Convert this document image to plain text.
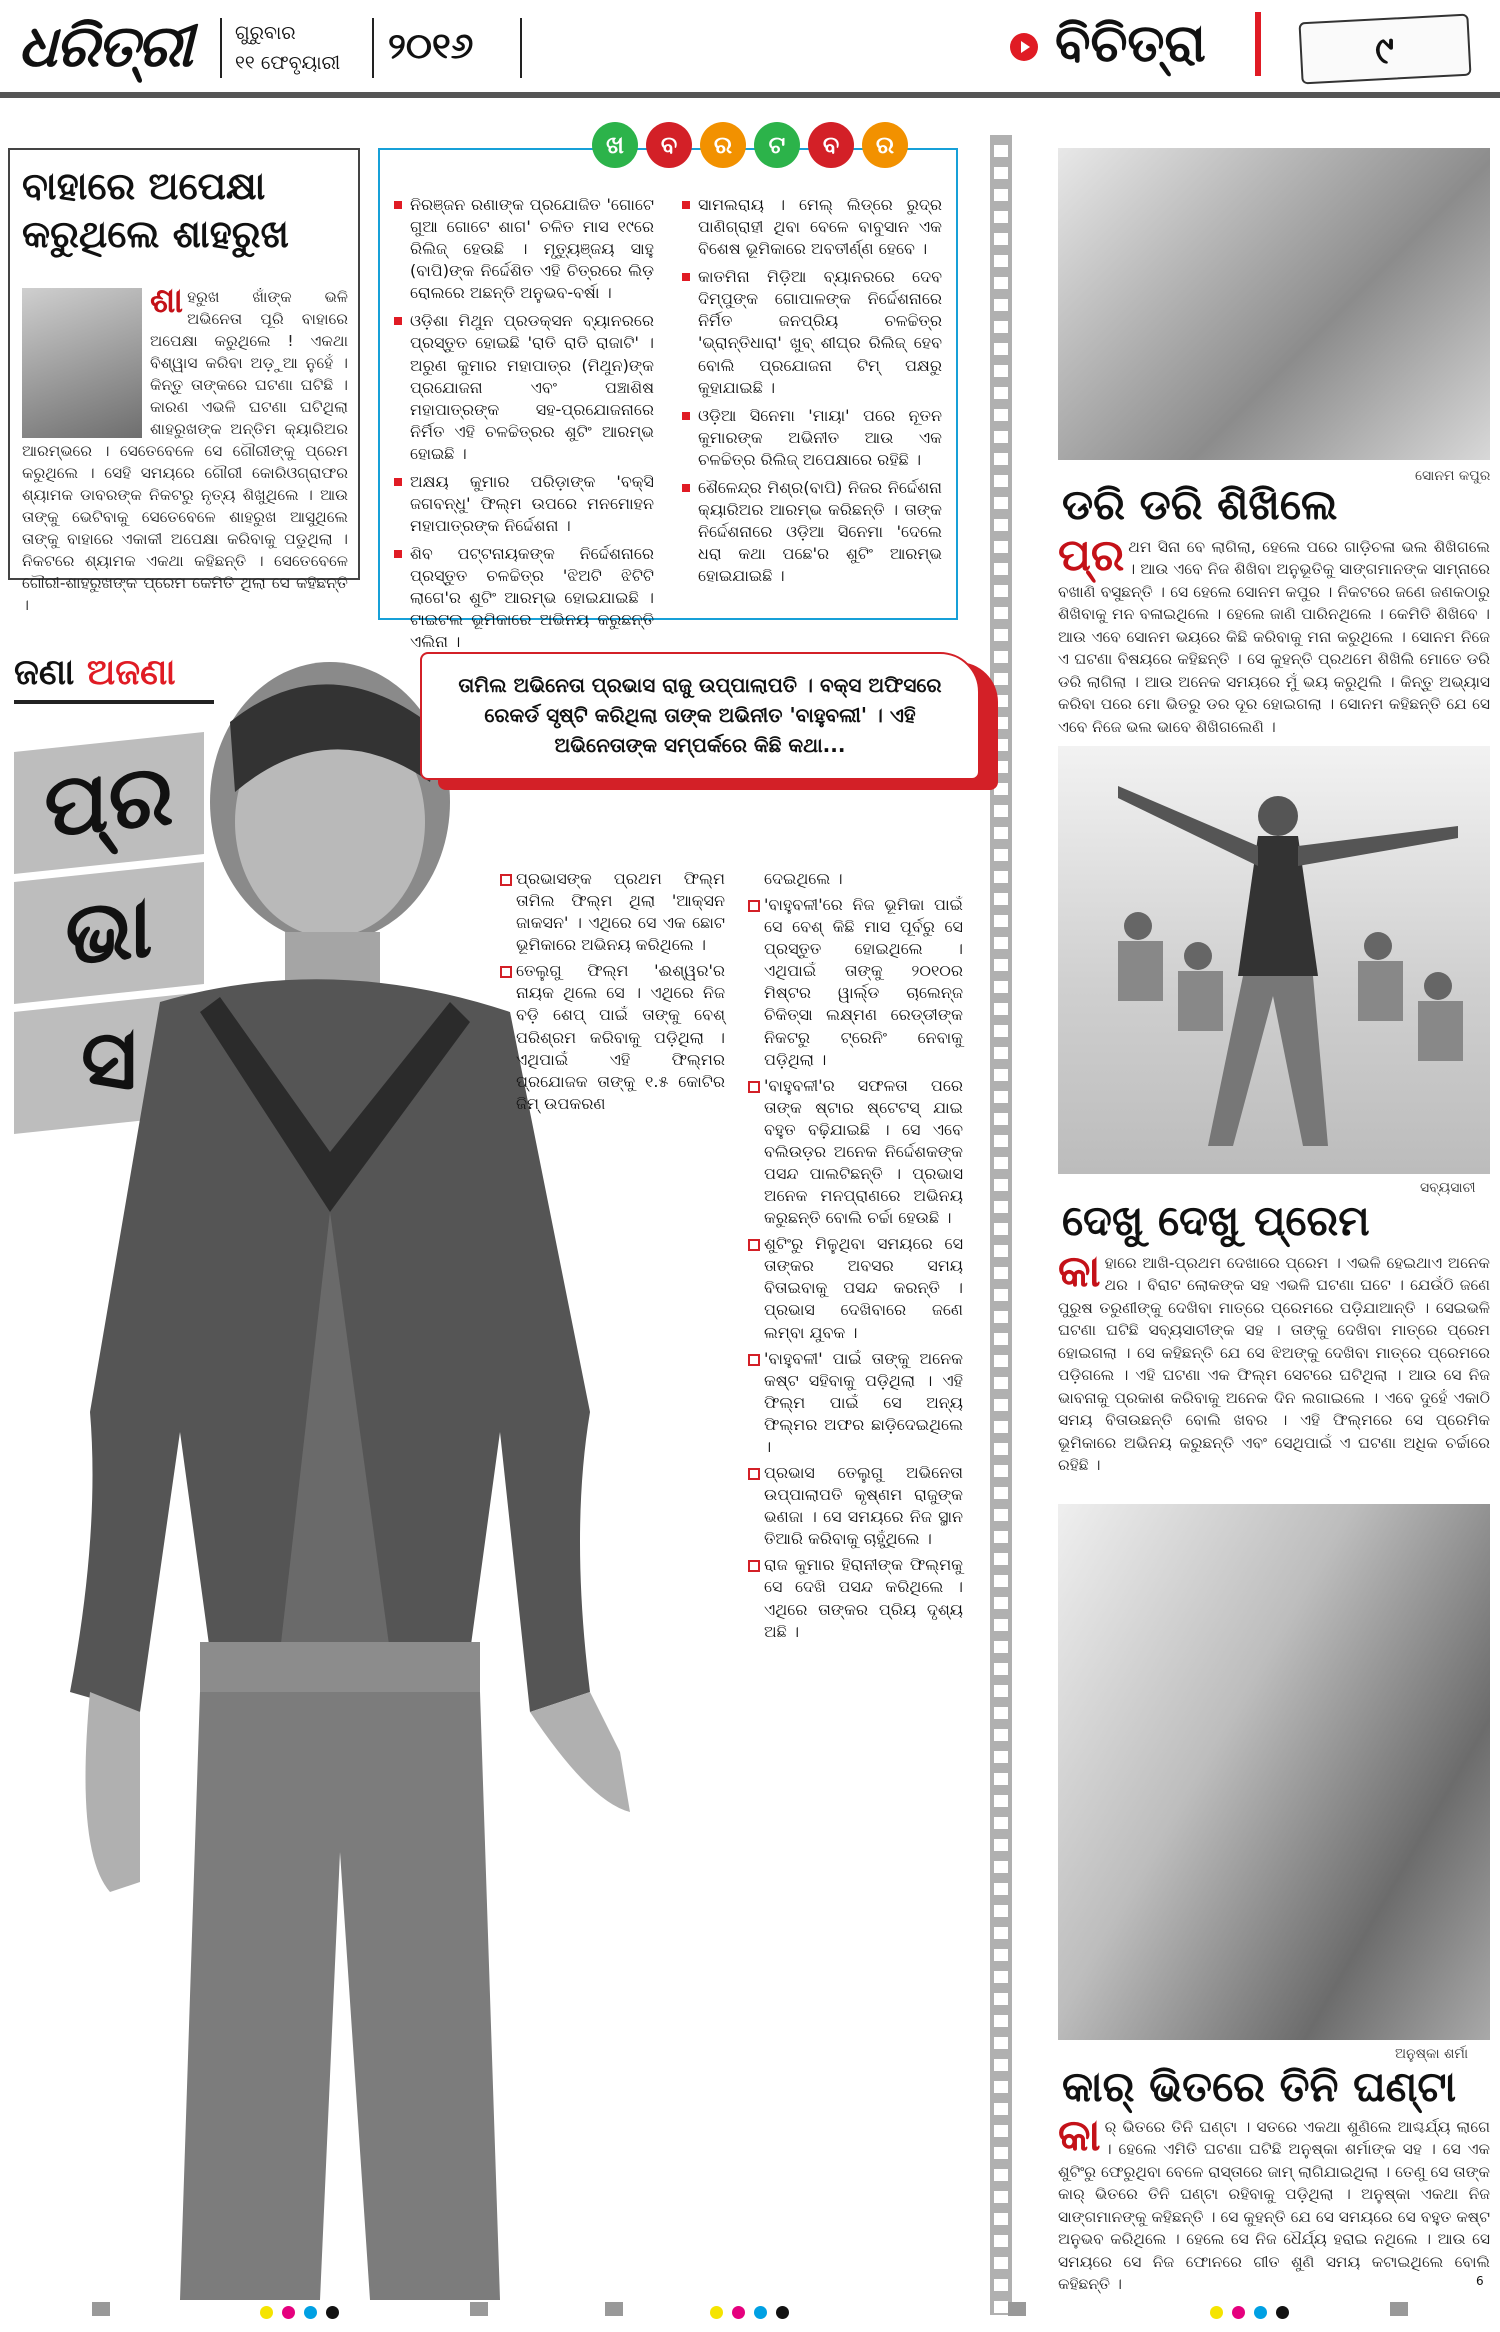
ଧରିତ୍ରୀ ଗୁରୁବାର
୧୧ ଫେବୃୟାରୀ ୨୦୧୬	ବିଚିତ୍ରା	୯
ବାହାରେ ଅପେକ୍ଷା
କରୁଥିଲେ ଶାହରୁଖ
ଶା ହରୁଖ ଖାଁଙ୍କ ଭଳି ଅଭିନେତା ପୂରି ବାହାରେ ଅପେକ୍ଷା କରୁଥିଲେ ! ଏକଥା ବିଶ୍ୱାସ କରିବା ଅଡ଼ୁଆ ନୁହେଁ । କିନ୍ତୁ ତାଙ୍କରେ ଘଟଣା ଘଟିଛି । କାରଣ ଏଭଳି ଘଟଣା ଘଟିଥିଲା ଶାହରୁଖଙ୍କ ଅନ୍ତିମ କ୍ୟାରିଅର ଆରମ୍ଭରେ । ସେତେବେଳେ ସେ ଗୌରୀଙ୍କୁ ପ୍ରେମ କରୁଥିଲେ । ସେହି ସମୟରେ ଗୌରୀ କୋରିଓଗ୍ରାଫର ଶ୍ୟାମକ ଡାବରଙ୍କ ନିକଟରୁ ନୃତ୍ୟ ଶିଖୁଥିଲେ । ଆଉ ତାଙ୍କୁ ଭେଟିବାକୁ ସେତେବେଳେ ଶାହରୁଖ ଆସୁଥିଲେ ତାଙ୍କୁ ବାହାରେ ଏକାକୀ ଅପେକ୍ଷା କରିବାକୁ ପଡୁଥିଲା । ନିକଟରେ ଶ୍ୟାମକ ଏକଥା କହିଛନ୍ତି । ସେତେବେଳେ ଗୌରୀ-ଶାହରୁଖଙ୍କ ପ୍ରେମ କେମିତି ଥିଲା ସେ କହିଛନ୍ତି ।
ଖ	ବ	ର	ଟ	ବ	ର
ନିରଞ୍ଜନ ରଣାଙ୍କ ପ୍ରଯୋଜିତ 'ଗୋଟେ ଗୁଆ ଗୋଟେ ଶାଗ' ଚଳିତ ମାସ ୧୯ରେ ରିଲିଜ୍ ହେଉଛି । ମୃତ୍ୟୁଞ୍ଜୟ ସାହୁ (ବାପି)ଙ୍କ ନିର୍ଦ୍ଦେଶିତ ଏହି ଚିତ୍ରରେ ଲିଡ଼ ରୋଲରେ ଅଛନ୍ତି ଅନୁଭବ-ବର୍ଷା ।
ଓଡ଼ିଶା ମିଥୁନ ପ୍ରଡକ୍ସନ ବ୍ୟାନରରେ ପ୍ରସ୍ତୁତ ହୋଇଛି 'ରାତି ରାତି ରାଜାଟି' । ଅରୁଣ କୁମାର ମହାପାତ୍ର (ମିଥୁନ)ଙ୍କ ପ୍ରଯୋଜନା ଏବଂ ପଞ୍ଚାଶିଷ ମହାପାତ୍ରଙ୍କ ସହ-ପ୍ରଯୋଜନାରେ ନିର୍ମିତ ଏହି ଚଳଚ୍ଚିତ୍ରର ଶୁଟିଂ ଆରମ୍ଭ ହୋଇଛି ।
ଅକ୍ଷୟ କୁମାର ପରିଡ଼ାଙ୍କ 'ବକ୍ସି ଜଗବନ୍ଧୁ' ଫିଲ୍ମ ଉପରେ ମନମୋହନ ମହାପାତ୍ରଙ୍କ ନିର୍ଦ୍ଦେଶନା ।
ଶିବ ପଟ୍ଟନାୟକଙ୍କ ନିର୍ଦ୍ଦେଶନାରେ ପ୍ରସ୍ତୁତ ଚଳଚ୍ଚିତ୍ର 'ଝିଅଟି ଝିଟିଟି ଲାଗେ'ର ଶୁଟିଂ ଆରମ୍ଭ ହୋଇଯାଇଛି । ଟାଇଟଲ ଭୂମିକାରେ ଅଭିନୟ କରୁଛନ୍ତି ଏଲିନା ।
ସାମଲରାୟ । ମେଲ୍ ଲିଡ୍‌ରେ ରୁଦ୍ର ପାଣିଗ୍ରାହୀ ଥିବା ବେଳେ ବାବୁସାନ ଏକ ବିଶେଷ ଭୂମିକାରେ ଅବତୀର୍ଣ୍ଣ ହେବେ ।
କାତମିନା ମିଡ଼ିଆ ବ୍ୟାନରରେ ଦେବ ଦିମ୍ପୁଙ୍କ ଗୋପାଳଙ୍କ ନିର୍ଦ୍ଦେଶନାରେ ନିର୍ମିତ ଜନପ୍ରିୟ ଚଳଚ୍ଚିତ୍ର 'ଭ୍ରାନ୍ତିଧାରା' ଖୁବ୍ ଶୀଘ୍ର ରିଲିଜ୍ ହେବ ବୋଲି ପ୍ରଯୋଜନା ଟିମ୍ ପକ୍ଷରୁ କୁହାଯାଇଛି ।
ଓଡ଼ିଆ ସିନେମା 'ମାୟା' ପରେ ନୂତନ କୁମାରଙ୍କ ଅଭିନୀତ ଆଉ ଏକ ଚଳଚ୍ଚିତ୍ର ରିଲିଜ୍ ଅପେକ୍ଷାରେ ରହିଛି ।
ଶୈଳେନ୍ଦ୍ର ମିଶ୍ର(ବାପି) ନିଜର ନିର୍ଦ୍ଦେଶନା କ୍ୟାରିଅର ଆରମ୍ଭ କରିଛନ୍ତି । ତାଙ୍କ ନିର୍ଦ୍ଦେଶନାରେ ଓଡ଼ିଆ ସିନେମା 'ଦେଲେ ଧରା କଥା ପଛେ'ର ଶୁଟିଂ ଆରମ୍ଭ ହୋଇଯାଇଛି ।
ଜଣା ଅଜଣା
ପ୍ର
ଭା
ସ
ତାମିଲ ଅଭିନେତା ପ୍ରଭାସ ରାଜୁ ଉପ୍ପାଲାପତି । ବକ୍ସ ଅଫିସରେ ରେକର୍ଡ ସୃଷ୍ଟି କରିଥିଲା ତାଙ୍କ ଅଭିନୀତ 'ବାହୁବଲୀ' । ଏହି ଅଭିନେତାଙ୍କ ସମ୍ପର୍କରେ କିଛି କଥା...

ପ୍ରଭାସଙ୍କ ପ୍ରଥମ ଫିଲ୍ମ ତାମିଲ ଫିଲ୍ମ ଥିଲା 'ଆକ୍ସନ ଜାକସନ' । ଏଥିରେ ସେ ଏକ ଛୋଟ ଭୂମିକାରେ ଅଭିନୟ କରିଥିଲେ ।

ତେଲୁଗୁ ଫିଲ୍ମ 'ଈଶ୍ୱର'ର ନାୟକ ଥିଲେ ସେ । ଏଥିରେ ନିଜ ବଡ଼ି ଶେପ୍ ପାଇଁ ତାଙ୍କୁ ବେଶ୍ ପରିଶ୍ରମ କରିବାକୁ ପଡ଼ିଥିଲା । ଏଥିପାଇଁ ଏହି ଫିଲ୍ମର ପ୍ରଯୋଜକ ତାଙ୍କୁ ୧.୫ କୋଟିର ଜିମ୍ ଉପକରଣ

ଦେଇଥିଲେ ।

'ବାହୁବଳୀ'ରେ ନିଜ ଭୂମିକା ପାଇଁ ସେ ବେଶ୍ କିଛି ମାସ ପୂର୍ବରୁ ସେ ପ୍ରସ୍ତୁତ ହୋଇଥିଲେ । ଏଥିପାଇଁ ତାଙ୍କୁ ୨୦୧୦ର ମିଷ୍ଟର ୱାର୍ଲ୍ଡ ଚାଲେନ୍ଜ ଚିକିତ୍ସା ଲକ୍ଷ୍ମଣ ରେଡ୍ଡୀଙ୍କ ନିକଟରୁ ଟ୍ରେନିଂ ନେବାକୁ ପଡ଼ିଥିଲା ।

'ବାହୁବଳୀ'ର ସଫଳତା ପରେ ତାଙ୍କ ଷ୍ଟାର ଷ୍ଟେଟସ୍ ଯାଇ ବହୁତ ବଢ଼ିଯାଇଛି । ସେ ଏବେ ବଲିଉଡ଼ର ଅନେକ ନିର୍ଦ୍ଦେଶକଙ୍କ ପସନ୍ଦ ପାଲଟିଛନ୍ତି । ପ୍ରଭାସ ଅନେକ ମନପ୍ରାଣରେ ଅଭିନୟ କରୁଛନ୍ତି ବୋଲି ଚର୍ଚ୍ଚା ହେଉଛି ।

ଶୁଟିଂରୁ ମିଳୁଥିବା ସମୟରେ ସେ ତାଙ୍କର ଅବସର ସମୟ ବିତାଇବାକୁ ପସନ୍ଦ କରନ୍ତି । ପ୍ରଭାସ ଦେଖିବାରେ ଜଣେ ଲମ୍ବା ଯୁବକ ।

'ବାହୁବଳୀ' ପାଇଁ ତାଙ୍କୁ ଅନେକ କଷ୍ଟ ସହିବାକୁ ପଡ଼ିଥିଲା । ଏହି ଫିଲ୍ମ ପାଇଁ ସେ ଅନ୍ୟ ଫିଲ୍ମର ଅଫର ଛାଡ଼ିଦେଇଥିଲେ ।

ପ୍ରଭାସ ତେଲୁଗୁ ଅଭିନେତା ଉପ୍ପାଲାପତି କୃଷ୍ଣମ ରାଜୁଙ୍କ ଭଣଜା । ସେ ସମୟରେ ନିଜ ସ୍ଥାନ ତିଆରି କରିବାକୁ ଚାହୁଁଥିଲେ ।

ରାଜ କୁମାର ହିରାନୀଙ୍କ ଫିଲ୍ମକୁ ସେ ଦେଖି ପସନ୍ଦ କରିଥିଲେ । ଏଥିରେ ତାଙ୍କର ପ୍ରିୟ ଦୃଶ୍ୟ ଅଛି ।

ସୋନମ କପୁର
ଡରି ଡରି ଶିଖିଲେ
ପ୍ର ଥମ ସିନା ବେ ଲାଗିଲା, ହେଲେ ପରେ ଗାଡ଼ିଚଳା ଭଲ ଶିଖିଗଲେ । ଆଉ ଏବେ ନିଜ ଶିଖିବା ଅନୁଭୂତିକୁ ସାଙ୍ଗମାନଙ୍କ ସାମ୍ନାରେ ବଖାଣି ବସୁଛନ୍ତି । ସେ ହେଲେ ସୋନମ କପୁର । ନିକଟରେ ଜଣେ ଜଣକଠାରୁ ଶିଖିବାକୁ ମନ ବଳାଇଥିଲେ । ହେଲେ ଜାଣି ପାରିନଥିଲେ । କେମିତି ଶିଖିବେ । ଆଉ ଏବେ ସୋନମ ଭୟରେ କିଛି କରିବାକୁ ମନା କରୁଥିଲେ । ସୋନମ ନିଜେ ଏ ଘଟଣା ବିଷୟରେ କହିଛନ୍ତି । ସେ କୁହନ୍ତି ପ୍ରଥମେ ଶିଖିଲି ମୋତେ ଡରି ଡରି ଲାଗିଲା । ଆଉ ଅନେକ ସମୟରେ ମୁଁ ଭୟ କରୁଥିଲି । କିନ୍ତୁ ଅଭ୍ୟାସ କରିବା ପରେ ମୋ ଭିତରୁ ଡର ଦୂର ହୋଇଗଲା । ସୋନମ କହିଛନ୍ତି ଯେ ସେ ଏବେ ନିଜେ ଭଲ ଭାବେ ଶିଖିଗଲେଣି ।
ସବ୍ୟସାଚୀ
ଦେଖୁ ଦେଖୁ ପ୍ରେମ
କା ହାରେ ଆଖି-ପ୍ରଥମ ଦେଖାରେ ପ୍ରେମ । ଏଭଳି ହେଇଥାଏ ଅନେକ ଥର । ବିରାଟ ଲୋକଙ୍କ ସହ ଏଭଳି ଘଟଣା ଘଟେ । ଯେଉଁଠି ଜଣେ ପୁରୁଷ ତରୁଣୀଙ୍କୁ ଦେଖିବା ମାତ୍ରେ ପ୍ରେମରେ ପଡ଼ିଯାଆନ୍ତି । ସେଇଭଳି ଘଟଣା ଘଟିଛି ସବ୍ୟସାଚୀଙ୍କ ସହ । ତାଙ୍କୁ ଦେଖିବା ମାତ୍ରେ ପ୍ରେମ ହୋଇଗଲା । ସେ କହିଛନ୍ତି ଯେ ସେ ଝିଅଙ୍କୁ ଦେଖିବା ମାତ୍ରେ ପ୍ରେମରେ ପଡ଼ିଗଲେ । ଏହି ଘଟଣା ଏକ ଫିଲ୍ମ ସେଟରେ ଘଟିଥିଲା । ଆଉ ସେ ନିଜ ଭାବନାକୁ ପ୍ରକାଶ କରିବାକୁ ଅନେକ ଦିନ ଲଗାଇଲେ । ଏବେ ଦୁହେଁ ଏକାଠି ସମୟ ବିତାଉଛନ୍ତି ବୋଲି ଖବର । ଏହି ଫିଲ୍ମରେ ସେ ପ୍ରେମିକ ଭୂମିକାରେ ଅଭିନୟ କରୁଛନ୍ତି ଏବଂ ସେଥିପାଇଁ ଏ ଘଟଣା ଅଧିକ ଚର୍ଚ୍ଚାରେ ରହିଛି ।
ଅନୁଷ୍କା ଶର୍ମା
କାର୍ ଭିତରେ ତିନି ଘଣ୍ଟା
କା ର୍ ଭିତରେ ତିନି ଘଣ୍ଟା । ସତରେ ଏକଥା ଶୁଣିଲେ ଆଶ୍ଚର୍ଯ୍ୟ ଲାଗେ । ହେଲେ ଏମିତି ଘଟଣା ଘଟିଛି ଅନୁଷ୍କା ଶର୍ମାଙ୍କ ସହ । ସେ ଏକ ଶୁଟିଂରୁ ଫେରୁଥିବା ବେଳେ ରାସ୍ତାରେ ଜାମ୍ ଲାଗିଯାଇଥିଲା । ତେଣୁ ସେ ତାଙ୍କ କାର୍ ଭିତରେ ତିନି ଘଣ୍ଟା ରହିବାକୁ ପଡ଼ିଥିଲା । ଅନୁଷ୍କା ଏକଥା ନିଜ ସାଙ୍ଗମାନଙ୍କୁ କହିଛନ୍ତି । ସେ କୁହନ୍ତି ଯେ ସେ ସମୟରେ ସେ ବହୁତ କଷ୍ଟ ଅନୁଭବ କରିଥିଲେ । ହେଲେ ସେ ନିଜ ଧୈର୍ଯ୍ୟ ହରାଇ ନଥିଲେ । ଆଉ ସେ ସମୟରେ ସେ ନିଜ ଫୋନରେ ଗୀତ ଶୁଣି ସମୟ କଟାଇଥିଲେ ବୋଲି କହିଛନ୍ତି ।	6
